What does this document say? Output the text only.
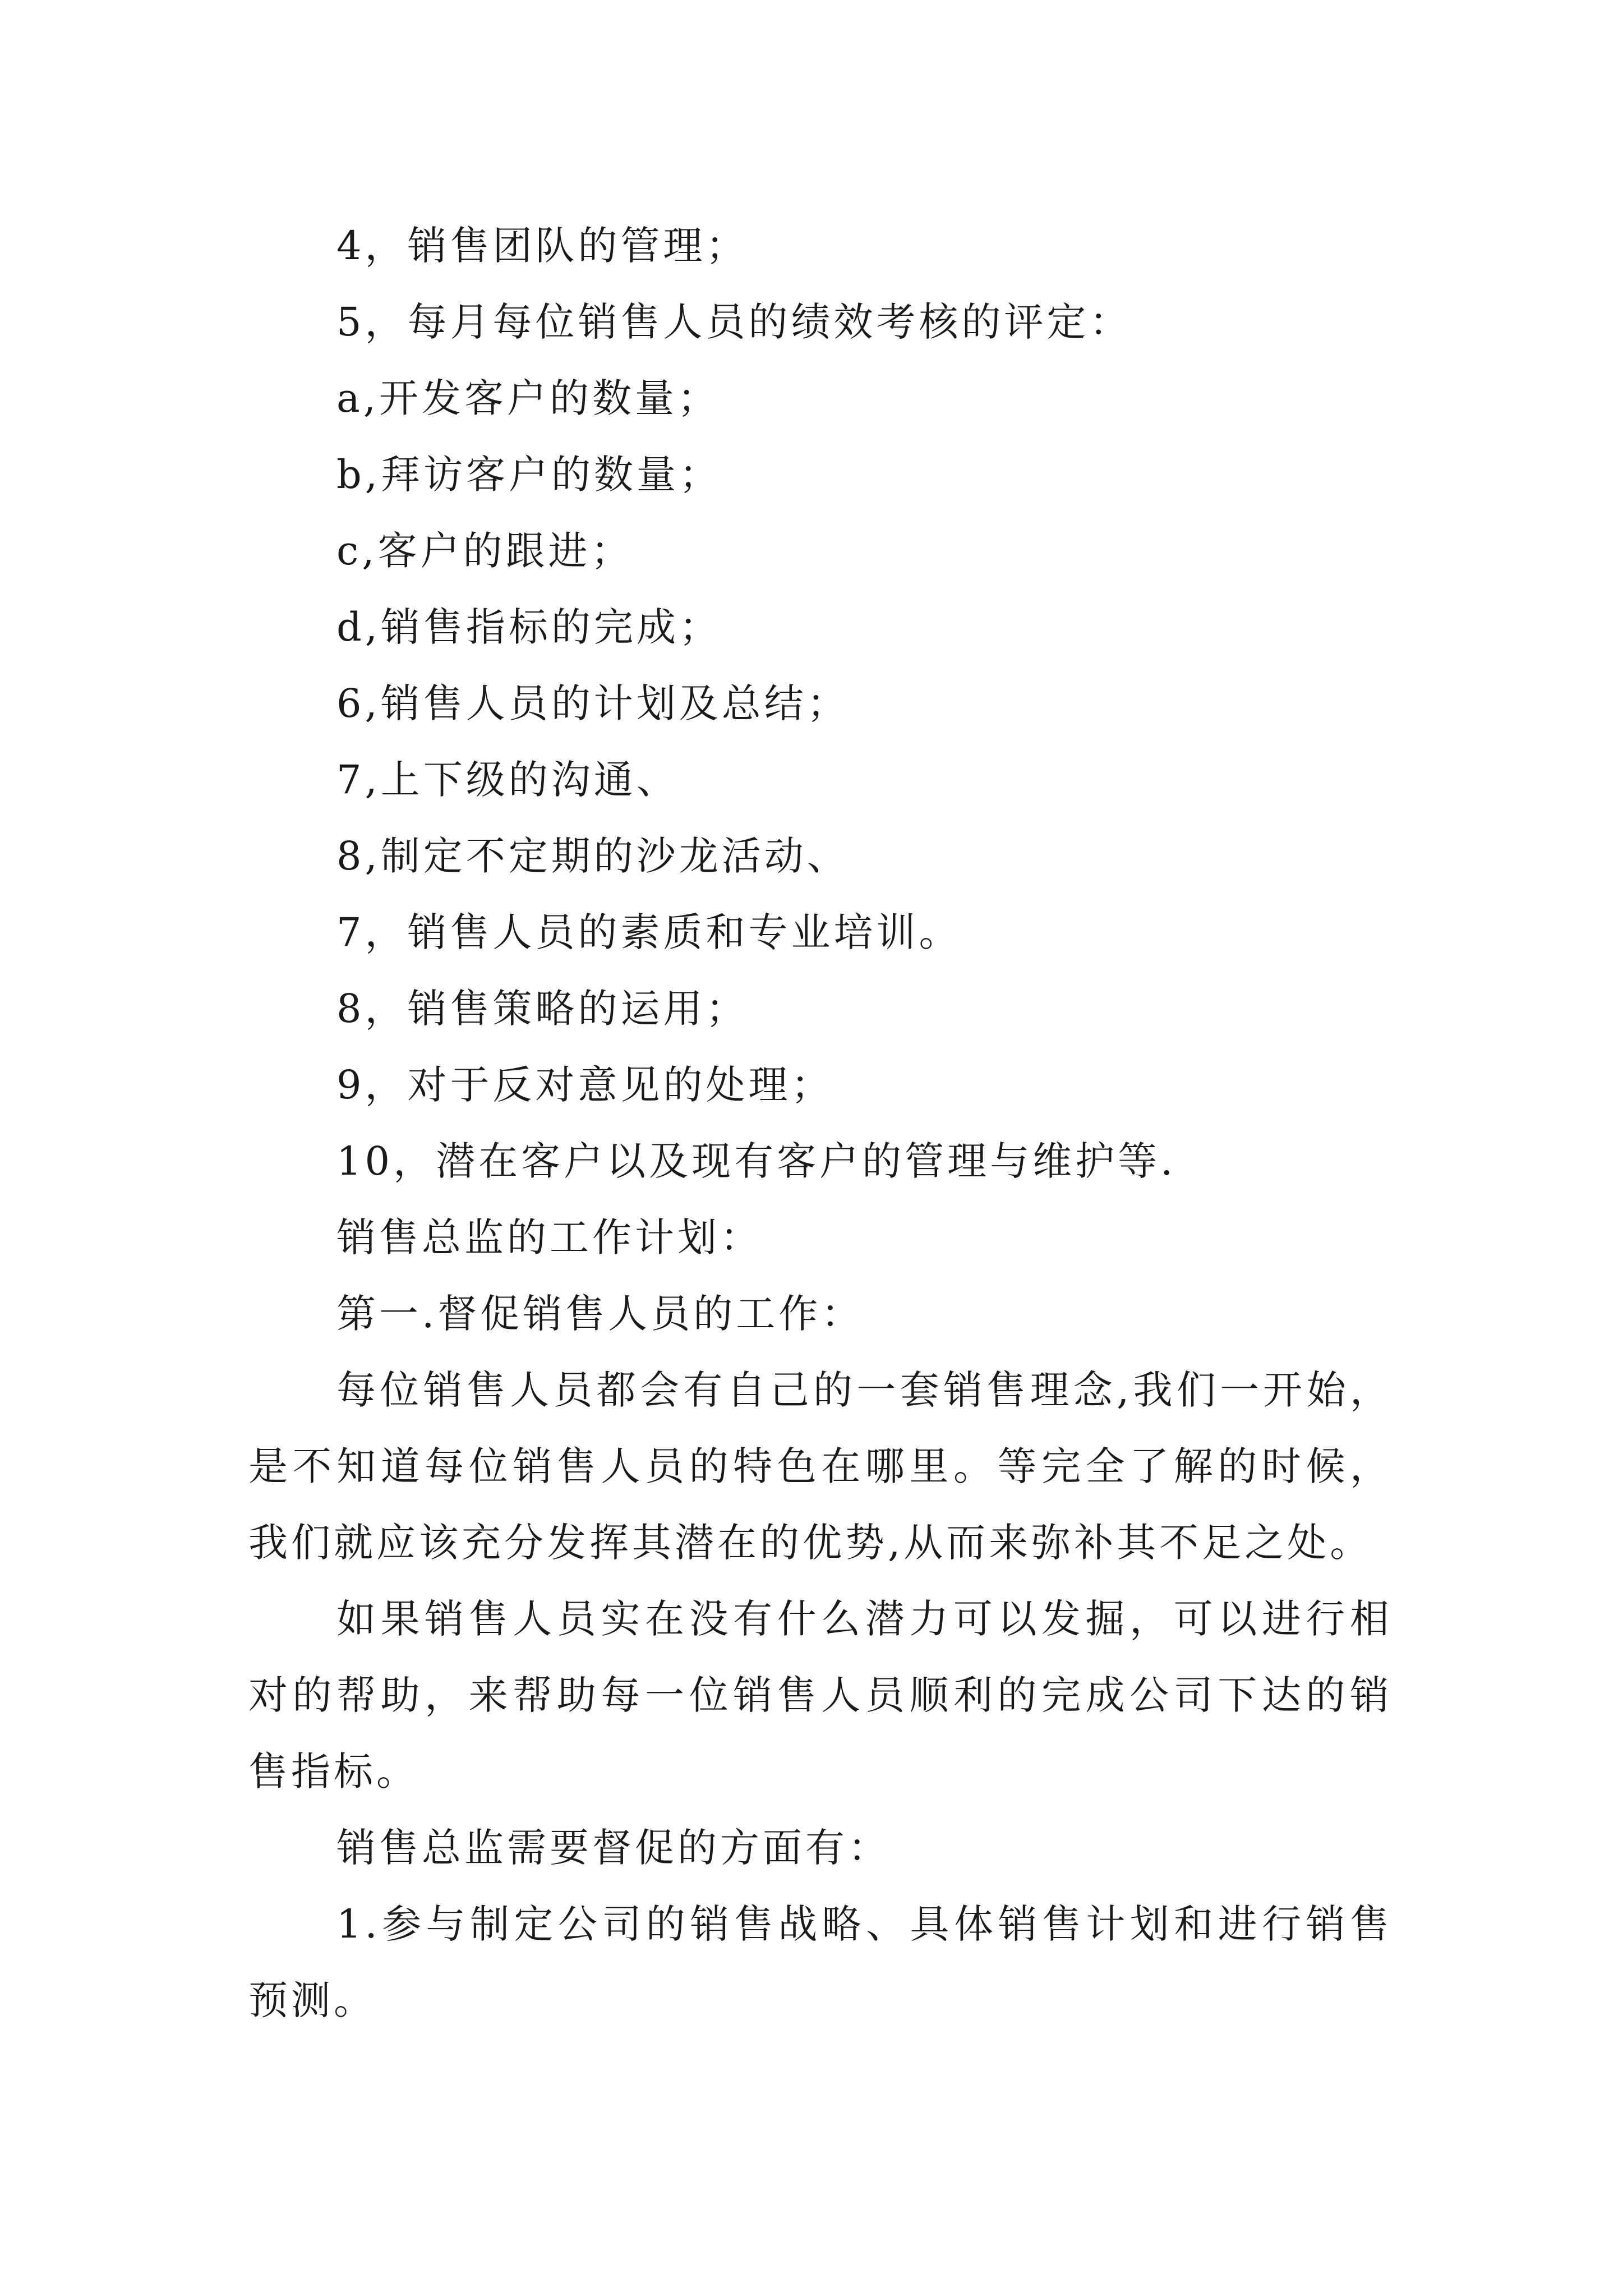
4，销售团队的管理；
5，每月每位销售人员的绩效考核的评定：
a,开发客户的数量；
b,拜访客户的数量；
c,客户的跟进；
d,销售指标的完成；
6,销售人员的计划及总结；
7,上下级的沟通、
8,制定不定期的沙龙活动、
7，销售人员的素质和专业培训。
8，销售策略的运用；
9，对于反对意见的处理；
10，潜在客户以及现有客户的管理与维护等.
销售总监的工作计划：
第一.督促销售人员的工作：
每位销售人员都会有自己的一套销售理念,我们一开始，是不知道每位销售人员的特色在哪里。等完全了解的时候，我们就应该充分发挥其潜在的优势,从而来弥补其不足之处。
如果销售人员实在没有什么潜力可以发掘，可以进行相对的帮助，来帮助每一位销售人员顺利的完成公司下达的销售指标。
销售总监需要督促的方面有：
1.参与制定公司的销售战略、具体销售计划和进行销售预测。
